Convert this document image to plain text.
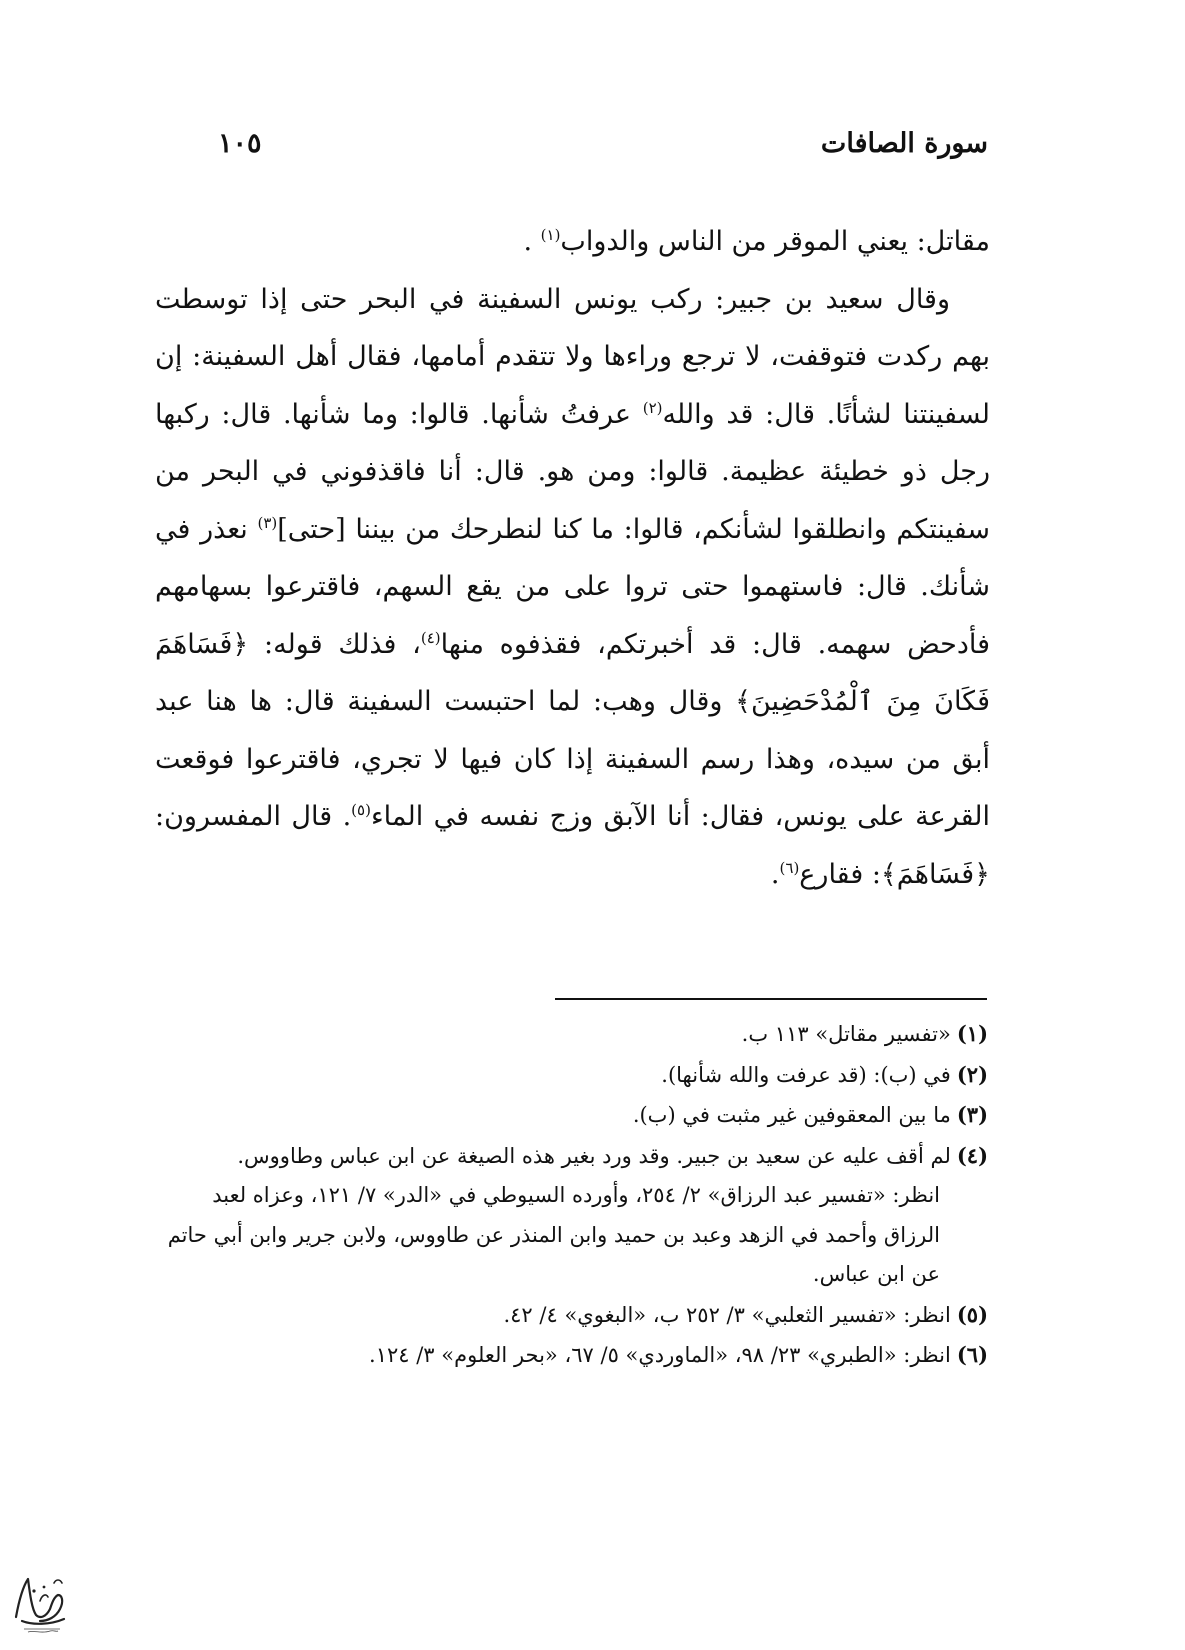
سورة الصافات
١٠٥

مقاتل: يعني الموقر من الناس والدواب$^{(١)}$ .

وقال سعيد بن جبير: ركب يونس السفينة في البحر حتى إذا توسطت بهم ركدت فتوقفت، لا ترجع وراءها ولا تتقدم أمامها، فقال أهل السفينة: إن لسفينتنا لشأنًا. قال: قد والله$^{(٢)}$ عرفتُ شأنها. قالوا: وما شأنها. قال: ركبها رجل ذو خطيئة عظيمة. قالوا: ومن هو. قال: أنا فاقذفوني في البحر من سفينتكم وانطلقوا لشأنكم، قالوا: ما كنا لنطرحك من بيننا [حتى]$^{(٣)}$ نعذر في شأنك. قال: فاستهموا حتى تروا على من يقع السهم، فاقترعوا بسهامهم فأدحض سهمه. قال: قد أخبرتكم، فقذفوه منها$^{(٤)}$، فذلك قوله: ﴿فَسَاهَمَ فَكَانَ مِنَ ٱلْمُدْحَضِينَ﴾ وقال وهب: لما احتبست السفينة قال: ها هنا عبد أبق من سيده، وهذا رسم السفينة إذا كان فيها لا تجري، فاقترعوا فوقعت القرعة على يونس، فقال: أنا الآبق وزج نفسه في الماء$^{(٥)}$. قال المفسرون: ﴿فَسَاهَمَ﴾: فقارع$^{(٦)}$.

(١)«تفسير مقاتل» ١١٣ ب.

(٢)في (ب): (قد عرفت والله شأنها).

(٣)ما بين المعقوفين غير مثبت في (ب).

(٤)لم أقف عليه عن سعيد بن جبير. وقد ورد بغير هذه الصيغة عن ابن عباس وطاووس.

انظر: «تفسير عبد الرزاق» ٢/ ٢٥٤، وأورده السيوطي في «الدر» ٧/ ١٢١، وعزاه لعبد الرزاق وأحمد في الزهد وعبد بن حميد وابن المنذر عن طاووس، ولابن جرير وابن أبي حاتم عن ابن عباس.

(٥)انظر: «تفسير الثعلبي» ٣/ ٢٥٢ ب، «البغوي» ٤/ ٤٢.

(٦)انظر: «الطبري» ٢٣/ ٩٨، «الماوردي» ٥/ ٦٧، «بحر العلوم» ٣/ ١٢٤.
